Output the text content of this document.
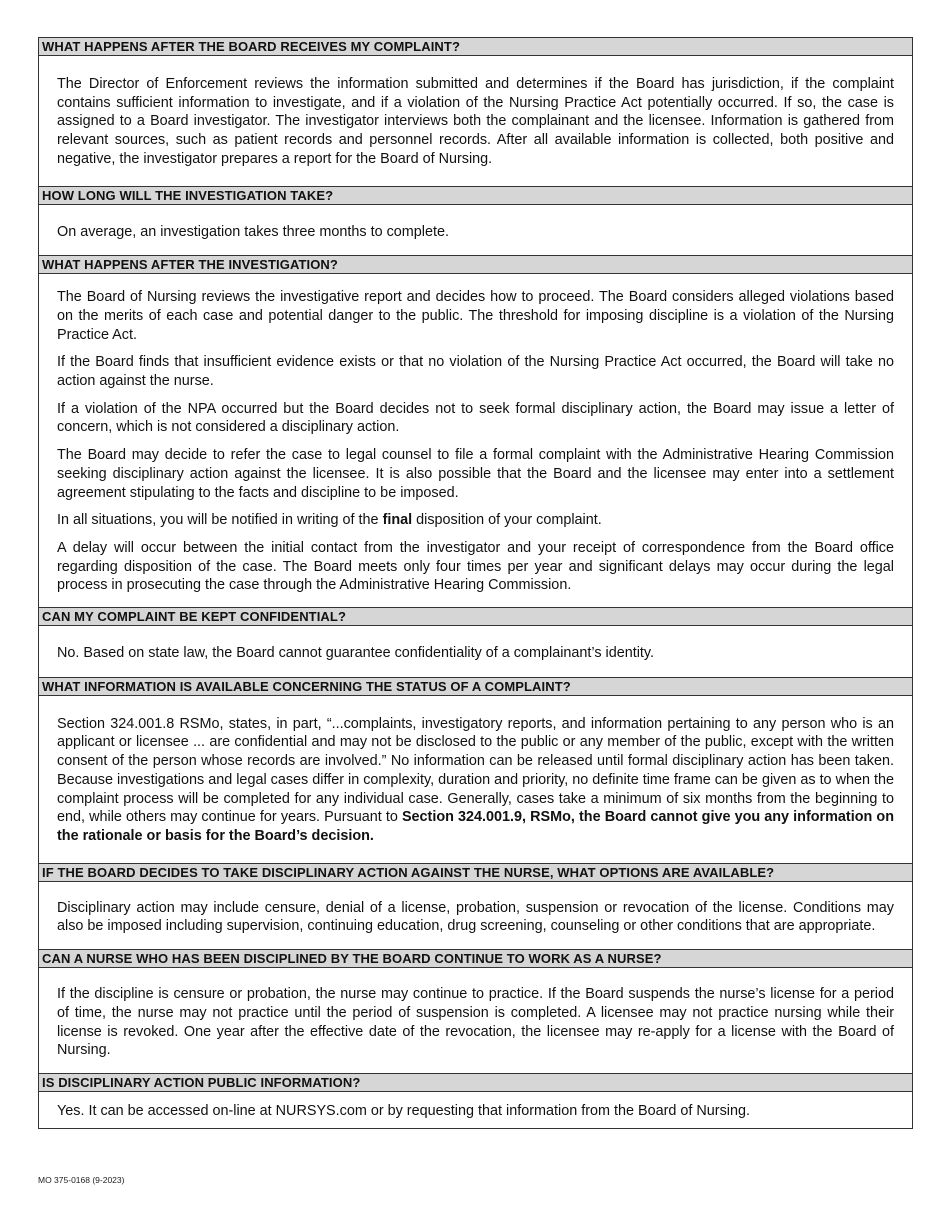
WHAT HAPPENS AFTER THE BOARD RECEIVES MY COMPLAINT?

The Director of Enforcement reviews the information submitted and determines if the Board has jurisdiction, if the complaint contains sufficient information to investigate, and if a violation of the Nursing Practice Act potentially occurred. If so, the case is assigned to a Board investigator. The investigator interviews both the complainant and the licensee. Information is gathered from relevant sources, such as patient records and personnel records. After all available information is collected, both positive and negative, the investigator prepares a report for the Board of Nursing.

HOW LONG WILL THE INVESTIGATION TAKE?

On average, an investigation takes three months to complete.

WHAT HAPPENS AFTER THE INVESTIGATION?

The Board of Nursing reviews the investigative report and decides how to proceed. The Board considers alleged violations based on the merits of each case and potential danger to the public. The threshold for imposing discipline is a violation of the Nursing Practice Act.

If the Board finds that insufficient evidence exists or that no violation of the Nursing Practice Act occurred, the Board will take no action against the nurse.

If a violation of the NPA occurred but the Board decides not to seek formal disciplinary action, the Board may issue a letter of concern, which is not considered a disciplinary action.

The Board may decide to refer the case to legal counsel to file a formal complaint with the Administrative Hearing Commission seeking disciplinary action against the licensee. It is also possible that the Board and the licensee may enter into a settlement agreement stipulating to the facts and discipline to be imposed.

In all situations, you will be notified in writing of the final disposition of your complaint.

A delay will occur between the initial contact from the investigator and your receipt of correspondence from the Board office regarding disposition of the case. The Board meets only four times per year and significant delays may occur during the legal process in prosecuting the case through the Administrative Hearing Commission.

CAN MY COMPLAINT BE KEPT CONFIDENTIAL?

No. Based on state law, the Board cannot guarantee confidentiality of a complainant’s identity.

WHAT INFORMATION IS AVAILABLE CONCERNING THE STATUS OF A COMPLAINT?

Section 324.001.8 RSMo, states, in part, “...complaints, investigatory reports, and information pertaining to any person who is an applicant or licensee ... are confidential and may not be disclosed to the public or any member of the public, except with the written consent of the person whose records are involved.” No information can be released until formal disciplinary action has been taken. Because investigations and legal cases differ in complexity, duration and priority, no definite time frame can be given as to when the complaint process will be completed for any individual case. Generally, cases take a minimum of six months from the beginning to end, while others may continue for years. Pursuant to Section 324.001.9, RSMo, the Board cannot give you any information on the rationale or basis for the Board’s decision.

IF THE BOARD DECIDES TO TAKE DISCIPLINARY ACTION AGAINST THE NURSE, WHAT OPTIONS ARE AVAILABLE?

Disciplinary action may include censure, denial of a license, probation, suspension or revocation of the license. Conditions may also be imposed including supervision, continuing education, drug screening, counseling or other conditions that are appropriate.

CAN A NURSE WHO HAS BEEN DISCIPLINED BY THE BOARD CONTINUE TO WORK AS A NURSE?

If the discipline is censure or probation, the nurse may continue to practice. If the Board suspends the nurse’s license for a period of time, the nurse may not practice until the period of suspension is completed. A licensee may not practice nursing while their license is revoked. One year after the effective date of the revocation, the licensee may re-apply for a license with the Board of Nursing.

IS DISCIPLINARY ACTION PUBLIC INFORMATION?

Yes. It can be accessed on-line at NURSYS.com or by requesting that information from the Board of Nursing.

MO 375-0168 (9-2023)
